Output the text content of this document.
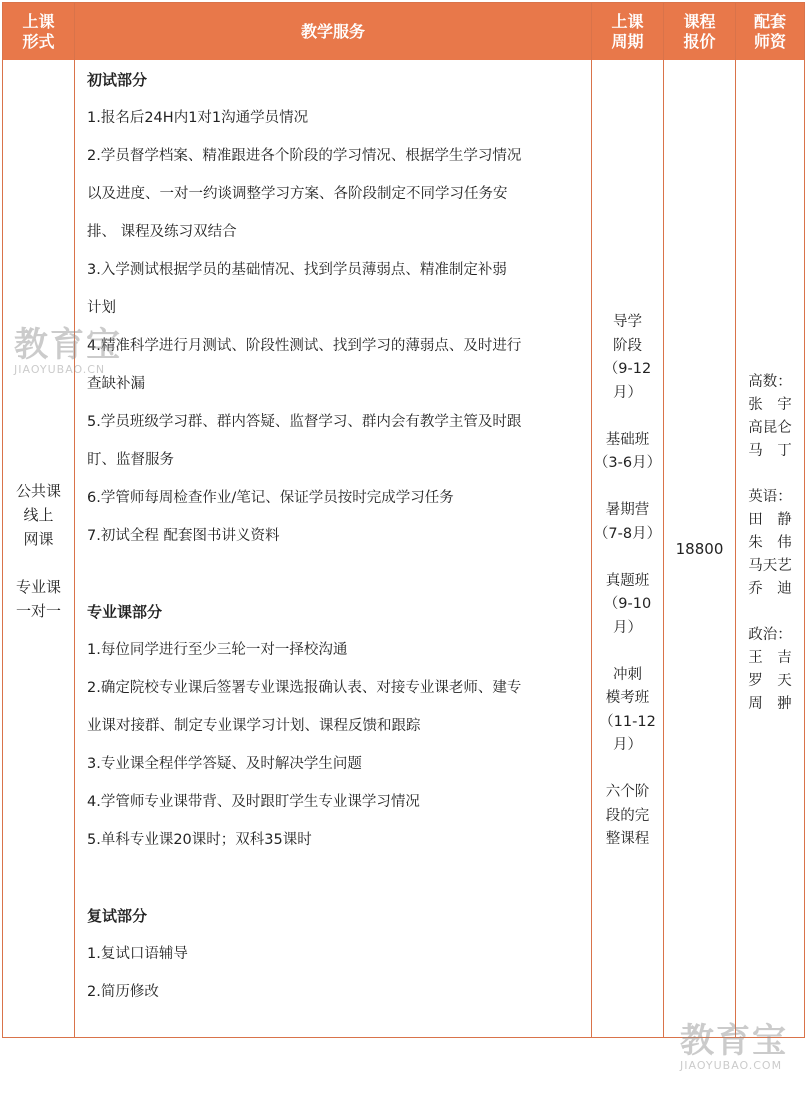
上课
形式
教学服务
上课
周期
课程
报价
配套
师资
公共课
线上
网课

专业课
一对一
初试部分
1.报名后24H内1对1沟通学员情况
2.学员督学档案、精准跟进各个阶段的学习情况、根据学生学习情况
以及进度、一对一约谈调整学习方案、各阶段制定不同学习任务安
排、 课程及练习双结合
3.入学测试根据学员的基础情况、找到学员薄弱点、精准制定补弱
计划
4.精准科学进行月测试、阶段性测试、找到学习的薄弱点、及时进行
查缺补漏
5.学员班级学习群、群内答疑、监督学习、群内会有教学主管及时跟
盯、监督服务
6.学管师每周检查作业/笔记、保证学员按时完成学习任务
7.初试全程 配套图书讲义资料
专业课部分
1.每位同学进行至少三轮一对一择校沟通
2.确定院校专业课后签署专业课选报确认表、对接专业课老师、建专
业课对接群、制定专业课学习计划、课程反馈和跟踪
3.专业课全程伴学答疑、及时解决学生问题
4.学管师专业课带背、及时跟盯学生专业课学习情况
5.单科专业课20课时；双科35课时
复试部分
1.复试口语辅导
2.简历修改
导学
阶段
（9-12月）

基础班
（3-6月）

暑期营
（7-8月）

真题班
（9-10月）

冲刺
模考班
（11-12月）

六个阶
段的完
整课程
18800
高数：
张　宇
高昆仑
马　丁

英语：
田　静
朱　伟
马天艺
乔　迪

政治：
王　吉
罗　天
周　翀
教育宝
JIAOYUBAO.CN
教育宝
JIAOYUBAO.COM
